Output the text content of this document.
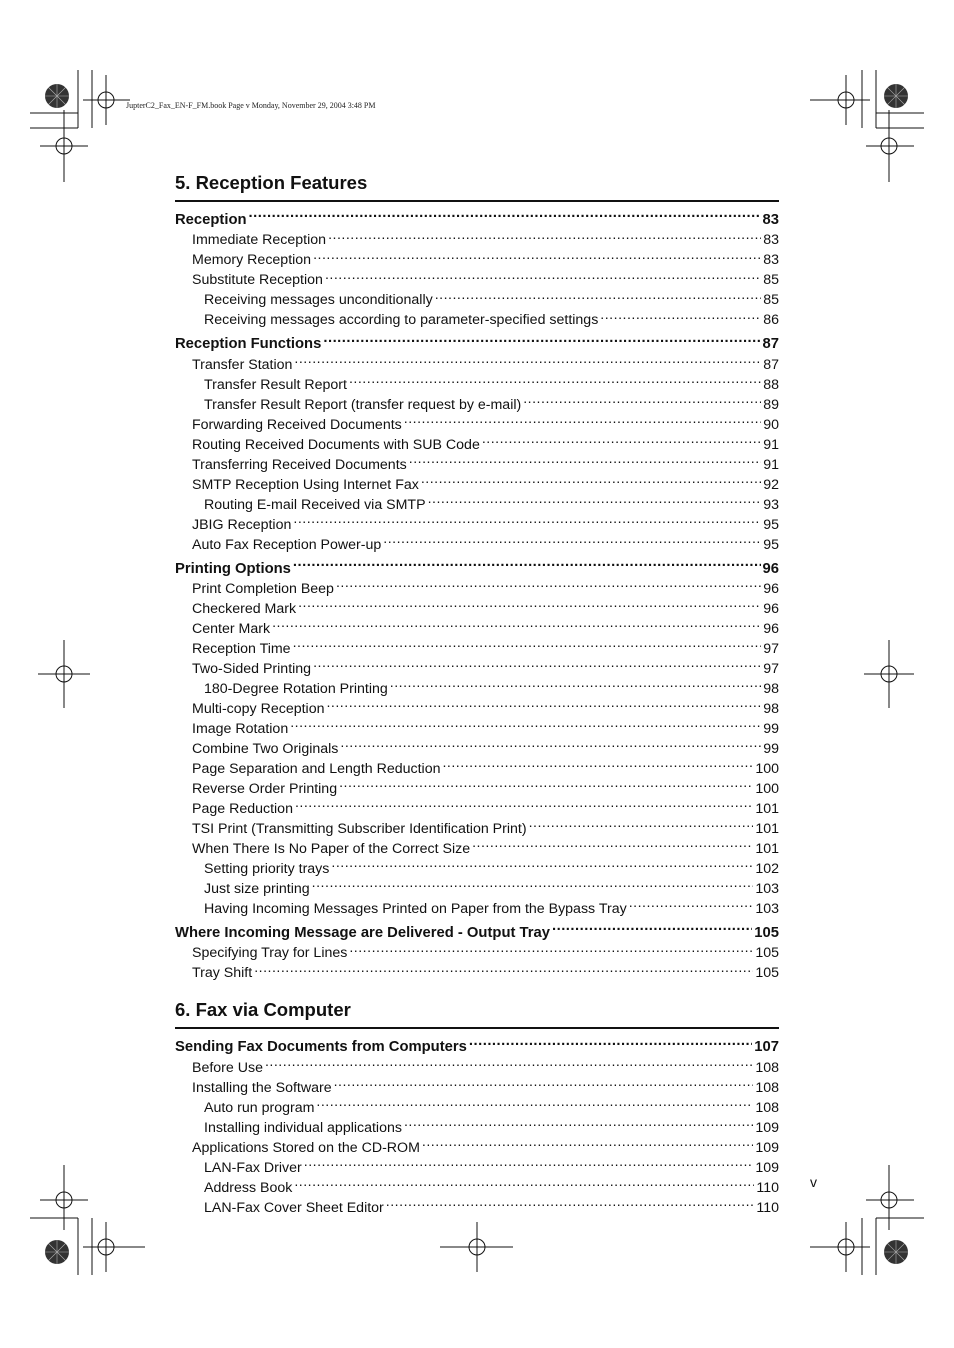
JupterC2_Fax_EN-F_FM.book Page v Monday, November 29, 2004 3:48 PM
5. Reception Features
Reception .....	83
Immediate Reception .....	83
Memory Reception .....	83
Substitute Reception .....	85
Receiving messages unconditionally .....	85
Receiving messages according to parameter-specified settings .....	86
Reception Functions .....	87
Transfer Station .....	87
Transfer Result Report .....	88
Transfer Result Report (transfer request by e-mail) .....	89
Forwarding Received Documents .....	90
Routing Received Documents with SUB Code .....	91
Transferring Received Documents .....	91
SMTP Reception Using Internet Fax .....	92
Routing E-mail Received via SMTP .....	93
JBIG Reception .....	95
Auto Fax Reception Power-up .....	95
Printing Options .....	96
Print Completion Beep .....	96
Checkered Mark .....	96
Center Mark .....	96
Reception Time .....	97
Two-Sided Printing .....	97
180-Degree Rotation Printing .....	98
Multi-copy Reception .....	98
Image Rotation .....	99
Combine Two Originals .....	99
Page Separation and Length Reduction .....	100
Reverse Order Printing .....	100
Page Reduction .....	101
TSI Print (Transmitting Subscriber Identification Print) .....	101
When There Is No Paper of the Correct Size .....	101
Setting priority trays .....	102
Just size printing .....	103
Having Incoming Messages Printed on Paper from the Bypass Tray .....	103
Where Incoming Message are Delivered - Output Tray .....	105
Specifying Tray for Lines .....	105
Tray Shift .....	105
6. Fax via Computer
Sending Fax Documents from Computers .....	107
Before Use .....	108
Installing the Software .....	108
Auto run program .....	108
Installing individual applications .....	109
Applications Stored on the CD-ROM .....	109
LAN-Fax Driver .....	109
Address Book .....	110
LAN-Fax Cover Sheet Editor .....	110
v
